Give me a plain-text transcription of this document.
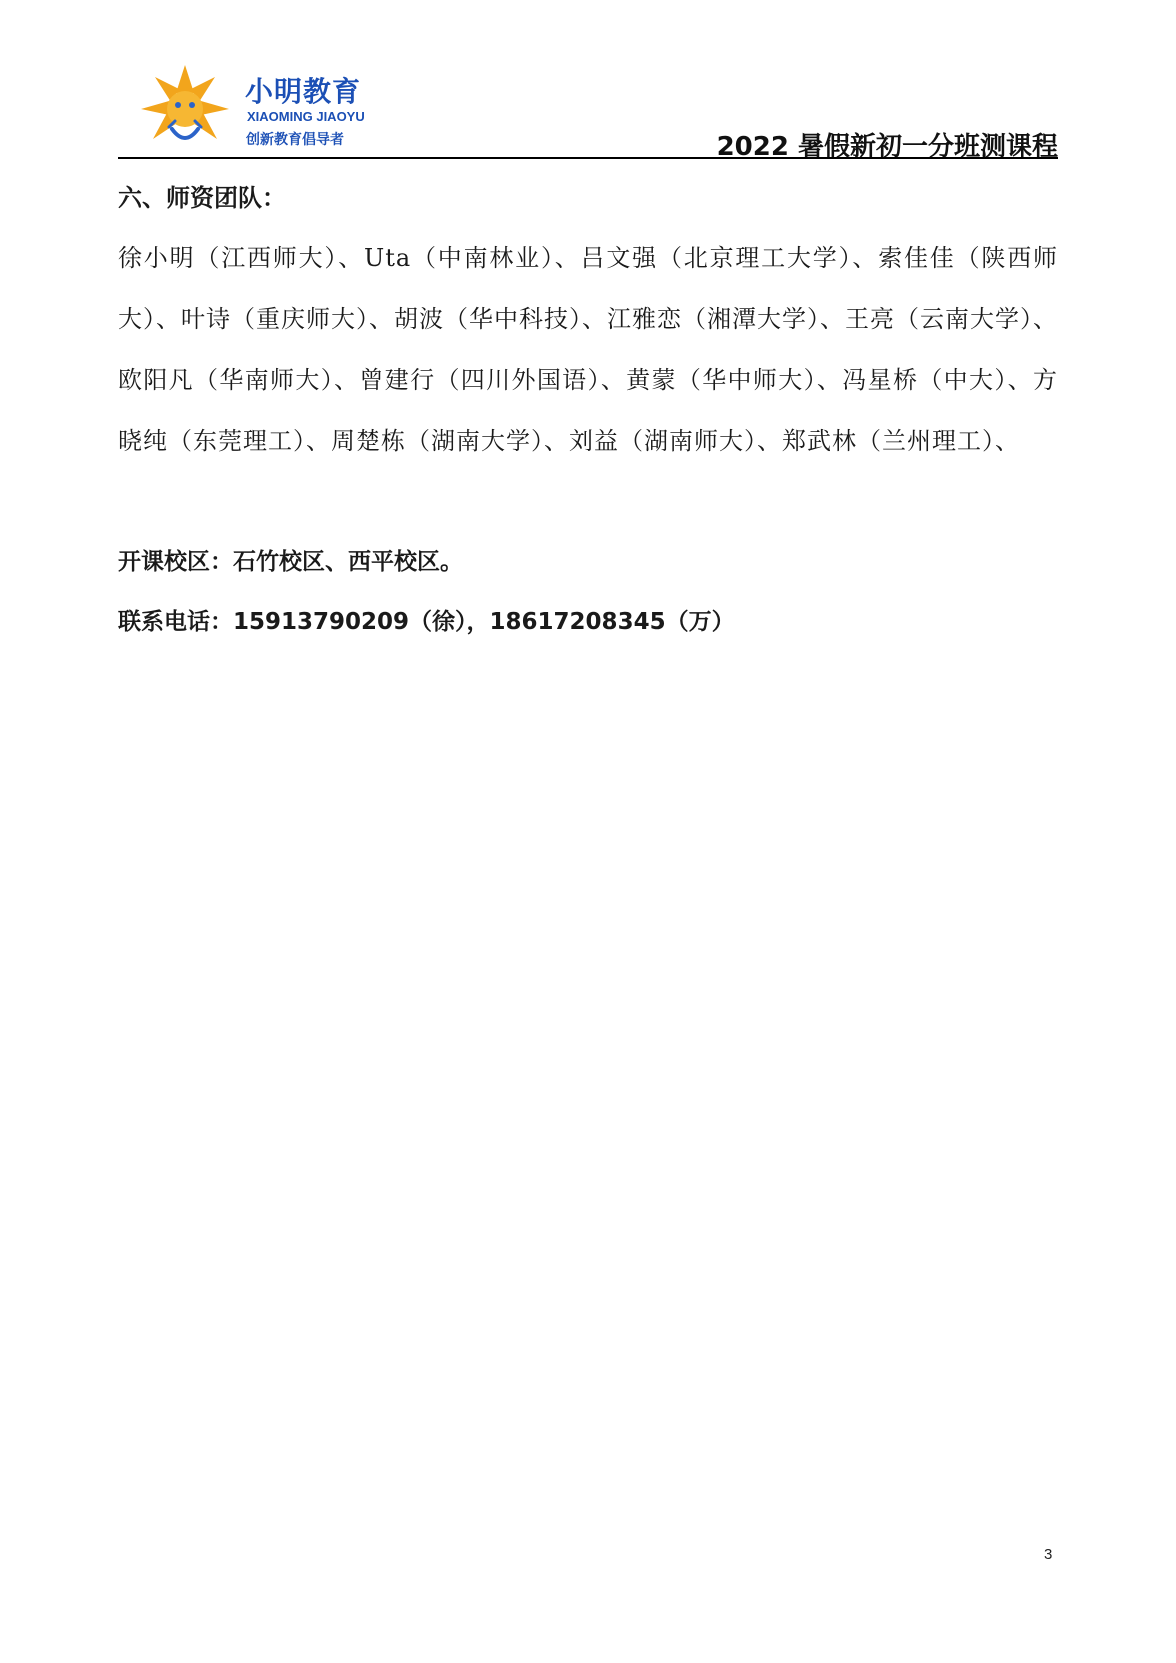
小明教育
XIAOMING JIAOYU
创新教育倡导者	2022 暑假新初一分班测课程

六、师资团队：

徐小明（江西师大）、Uta（中南林业）、吕文强（北京理工大学）、索佳佳（陕西师大）、叶诗（重庆师大）、胡波（华中科技）、江雅恋（湘潭大学）、王亮（云南大学）、欧阳凡（华南师大）、曾建行（四川外国语）、黄蒙（华中师大）、冯星桥（中大）、方晓纯（东莞理工）、周楚栋（湖南大学）、刘益（湖南师大）、郑武林（兰州理工）、

开课校区：石竹校区、西平校区。

联系电话：15913790209（徐），18617208345（万）

3
